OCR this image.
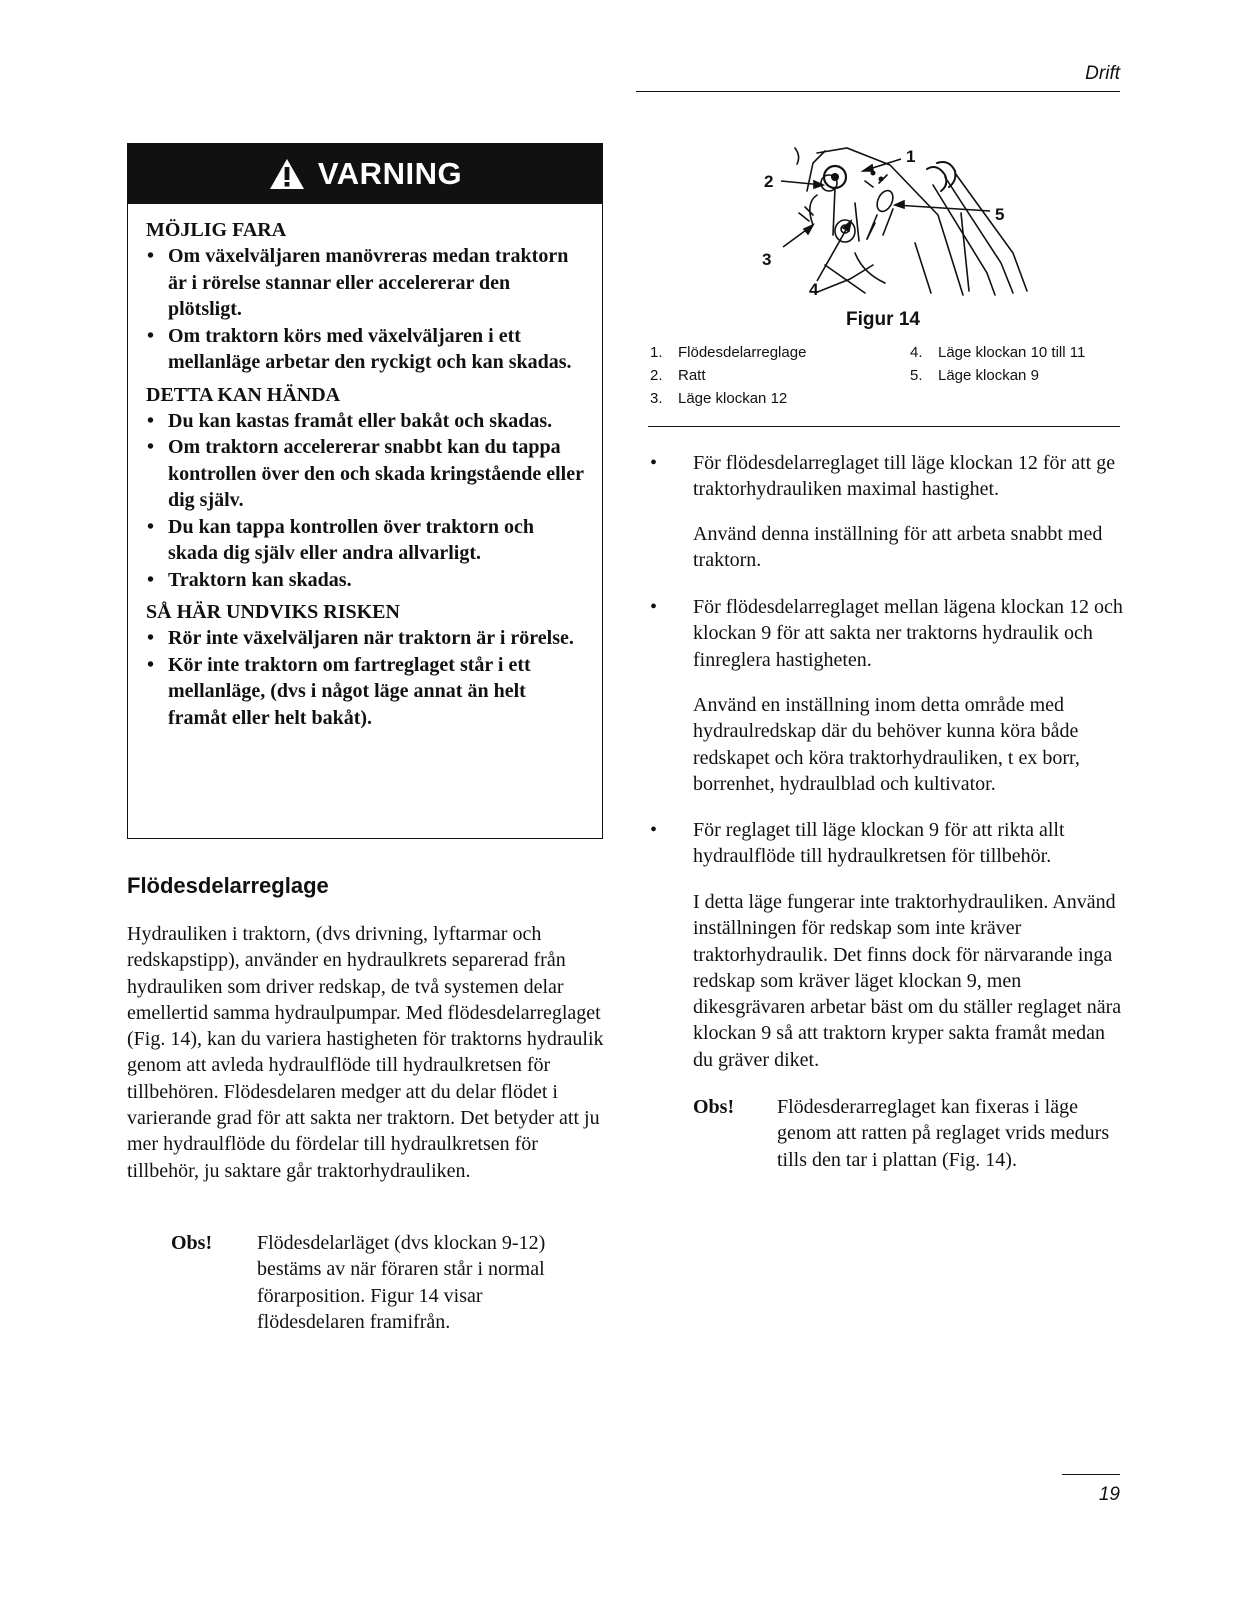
Drift
VARNING
MÖJLIG FARA
• Om växelväljaren manövreras medan traktorn är i rörelse stannar eller accelererar den plötsligt.
• Om traktorn körs med växelväljaren i ett mellanläge arbetar den ryckigt och kan skadas.
DETTA KAN HÄNDA
• Du kan kastas framåt eller bakåt och skadas.
• Om traktorn accelererar snabbt kan du tappa kontrollen över den och skada kringstående eller dig själv.
• Du kan tappa kontrollen över traktorn och skada dig själv eller andra allvarligt.
• Traktorn kan skadas.
SÅ HÄR UNDVIKS RISKEN
• Rör inte växelväljaren när traktorn är i rörelse.
• Kör inte traktorn om fartreglaget står i ett mellanläge, (dvs i något läge annat än helt framåt eller helt bakåt).
Flödesdelarreglage

Hydrauliken i traktorn, (dvs drivning, lyftarmar och redskapstipp), använder en hydraulkrets separerad från hydrauliken som driver redskap, de två systemen delar emellertid samma hydraulpumpar. Med flödesdelarreglaget (Fig. 14), kan du variera hastigheten för traktorns hydraulik genom att avleda hydraulflöde till hydraulkretsen för tillbehören. Flödesdelaren medger att du delar flödet i varierande grad för att sakta ner traktorn. Det betyder att ju mer hydraulflöde du fördelar till hydraulkretsen för tillbehör, ju saktare går traktorhydrauliken.

Obs!	Flödesdelarläget (dvs klockan 9-12) bestäms av när föraren står i normal förarposition. Figur 14 visar flödesdelaren framifrån.

1
2
3
4
5
Figur 14
1. Flödesdelarreglage
2. Ratt
3. Läge klockan 12
4. Läge klockan 10 till 11
5. Läge klockan 9
• För flödesdelarreglaget till läge klockan 12 för att ge traktorhydrauliken maximal hastighet.

Använd denna inställning för att arbeta snabbt med traktorn.

• För flödesdelarreglaget mellan lägena klockan 12 och klockan 9 för att sakta ner traktorns hydraulik och finreglera hastigheten.

Använd en inställning inom detta område med hydraulredskap där du behöver kunna köra både redskapet och köra traktorhydrauliken, t ex borr, borrenhet, hydraulblad och kultivator.

• För reglaget till läge klockan 9 för att rikta allt hydraulflöde till hydraulkretsen för tillbehör.

I detta läge fungerar inte traktorhydrauliken. Använd inställningen för redskap som inte kräver traktorhydraulik. Det finns dock för närvarande inga redskap som kräver läget klockan 9, men dikesgrävaren arbetar bäst om du ställer reglaget nära klockan 9 så att traktorn kryper sakta framåt medan du gräver diket.

Obs!	Flödesderarreglaget kan fixeras i läge genom att ratten på reglaget vrids medurs tills den tar i plattan (Fig. 14).

19
